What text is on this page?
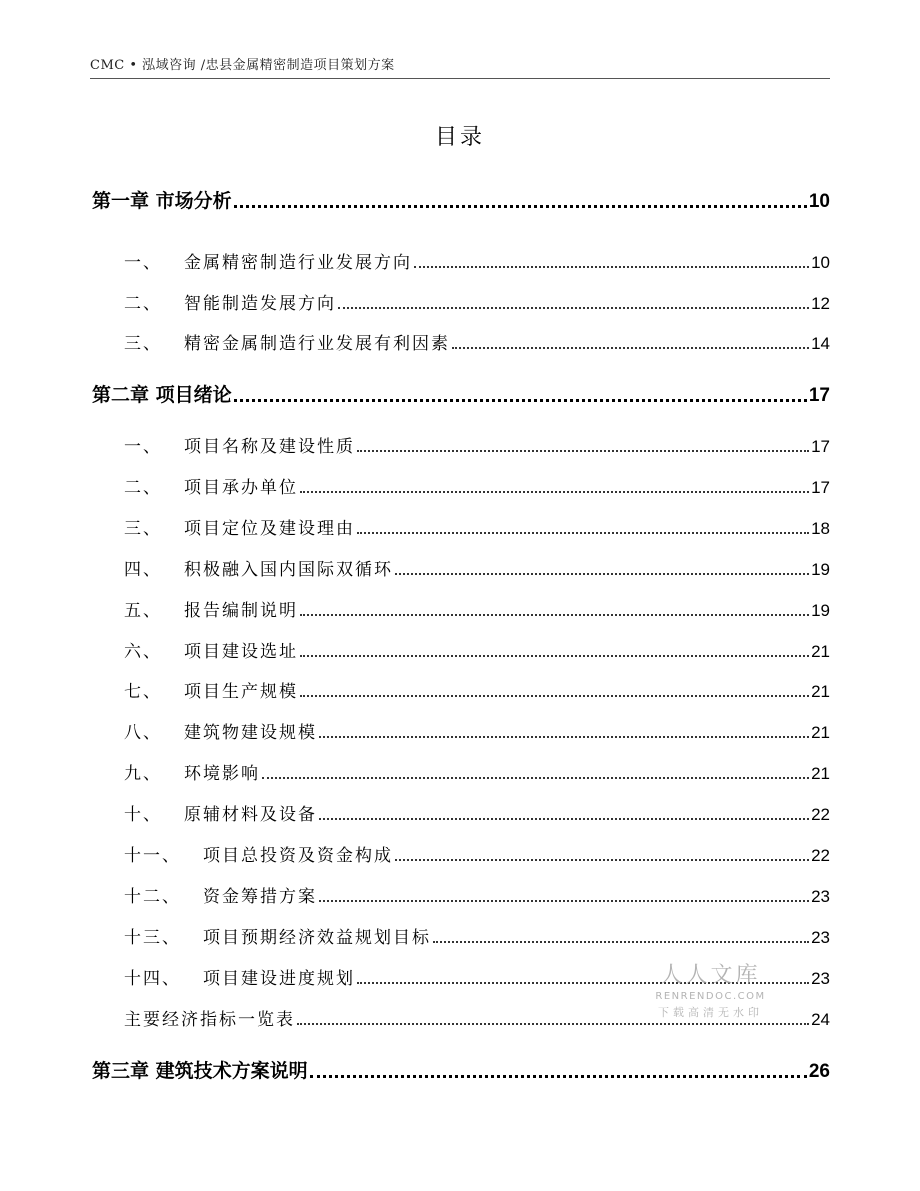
CMC • 泓域咨询 /忠县金属精密制造项目策划方案
目录
第一章 市场分析	10
一、 金属精密制造行业发展方向	10
二、 智能制造发展方向	12
三、 精密金属制造行业发展有利因素	14
第二章 项目绪论	17
一、 项目名称及建设性质	17
二、 项目承办单位	17
三、 项目定位及建设理由	18
四、 积极融入国内国际双循环	19
五、 报告编制说明	19
六、 项目建设选址	21
七、 项目生产规模	21
八、 建筑物建设规模	21
九、 环境影响	21
十、 原辅材料及设备	22
十一、 项目总投资及资金构成	22
十二、 资金筹措方案	23
十三、 项目预期经济效益规划目标	23
十四、 项目建设进度规划	23
主要经济指标一览表	24
第三章 建筑技术方案说明	26
人人文库
RENRENDOC.COM
下载高清无水印
